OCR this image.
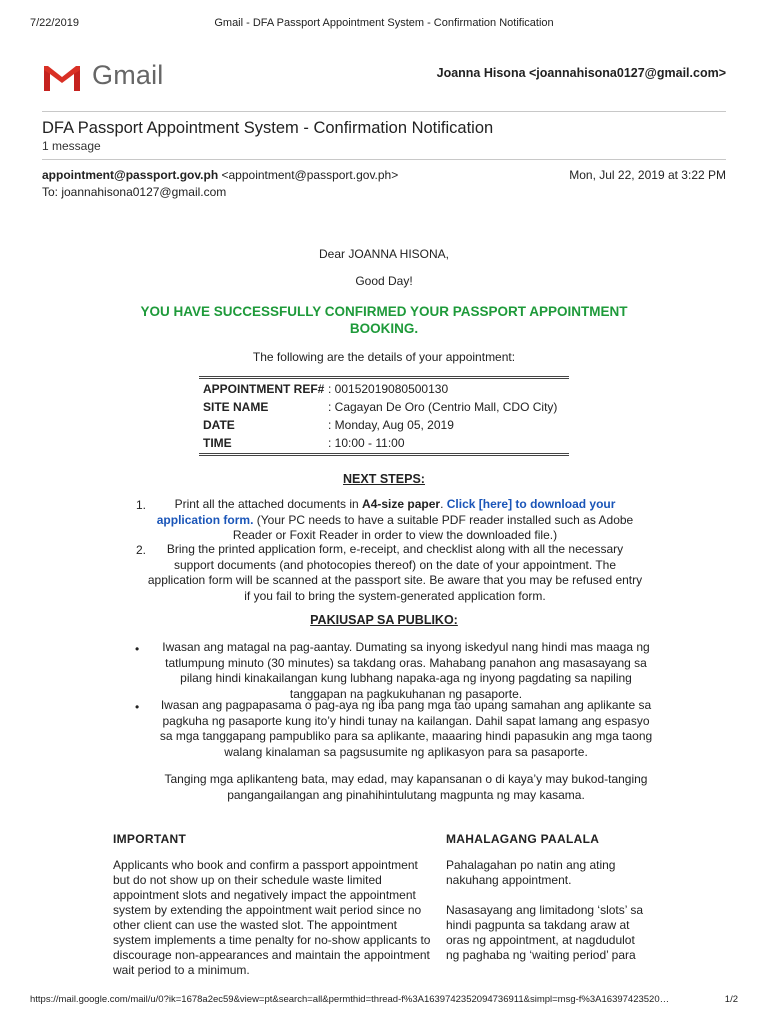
7/22/2019	Gmail - DFA Passport Appointment System - Confirmation Notification
Gmail	Joanna Hisona <joannahisona0127@gmail.com>
DFA Passport Appointment System - Confirmation Notification
1 message
appointment@passport.gov.ph <appointment@passport.gov.ph>	Mon, Jul 22, 2019 at 3:22 PM
To: joannahisona0127@gmail.com
Dear JOANNA HISONA,
Good Day!
YOU HAVE SUCCESSFULLY CONFIRMED YOUR PASSPORT APPOINTMENT
BOOKING.
The following are the details of your appointment:
APPOINTMENT REF# : 00152019080500130
SITE NAME	: Cagayan De Oro (Centrio Mall, CDO City)
DATE	: Monday, Aug 05, 2019
TIME	: 10:00 - 11:00
NEXT STEPS:
1.	Print all the attached documents in A4-size paper. Click [here] to download your
application form. (Your PC needs to have a suitable PDF reader installed such as Adobe
Reader or Foxit Reader in order to view the downloaded file.)
2.	Bring the printed application form, e-receipt, and checklist along with all the necessary
support documents (and photocopies thereof) on the date of your appointment. The
application form will be scanned at the passport site. Be aware that you may be refused entry
if you fail to bring the system-generated application form.
PAKIUSAP SA PUBLIKO:
•	Iwasan ang matagal na pag-aantay. Dumating sa inyong iskedyul nang hindi mas maaga ng
tatlumpung minuto (30 minutes) sa takdang oras. Mahabang panahon ang masasayang sa
pilang hindi kinakailangan kung lubhang napaka-aga ng inyong pagdating sa napiling
tanggapan na pagkukuhanan ng pasaporte.
•	Iwasan ang pagpapasama o pag-aya ng iba pang mga tao upang samahan ang aplikante sa
pagkuha ng pasaporte kung ito’y hindi tunay na kailangan. Dahil sapat lamang ang espasyo
sa mga tanggapang pampubliko para sa aplikante, maaaring hindi papasukin ang mga taong
walang kinalaman sa pagsusumite ng aplikasyon para sa pasaporte.
Tanging mga aplikanteng bata, may edad, may kapansanan o di kaya’y may bukod-tanging
pangangailangan ang pinahihintulutang magpunta ng may kasama.
IMPORTANT	MAHALAGANG PAALALA
Applicants who book and confirm a passport appointment
but do not show up on their schedule waste limited
appointment slots and negatively impact the appointment
system by extending the appointment wait period since no
other client can use the wasted slot. The appointment
system implements a time penalty for no-show applicants to
discourage non-appearances and maintain the appointment
wait period to a minimum.
Pahalagahan po natin ang ating
nakuhang appointment.
Nasasayang ang limitadong ‘slots’ sa
hindi pagpunta sa takdang araw at
oras ng appointment, at nagdudulot
ng paghaba ng ‘waiting period’ para
https://mail.google.com/mail/u/0?ik=1678a2ec59&view=pt&search=all&permthid=thread-f%3A1639742352094736911&simpl=msg-f%3A16397423520…	1/2
